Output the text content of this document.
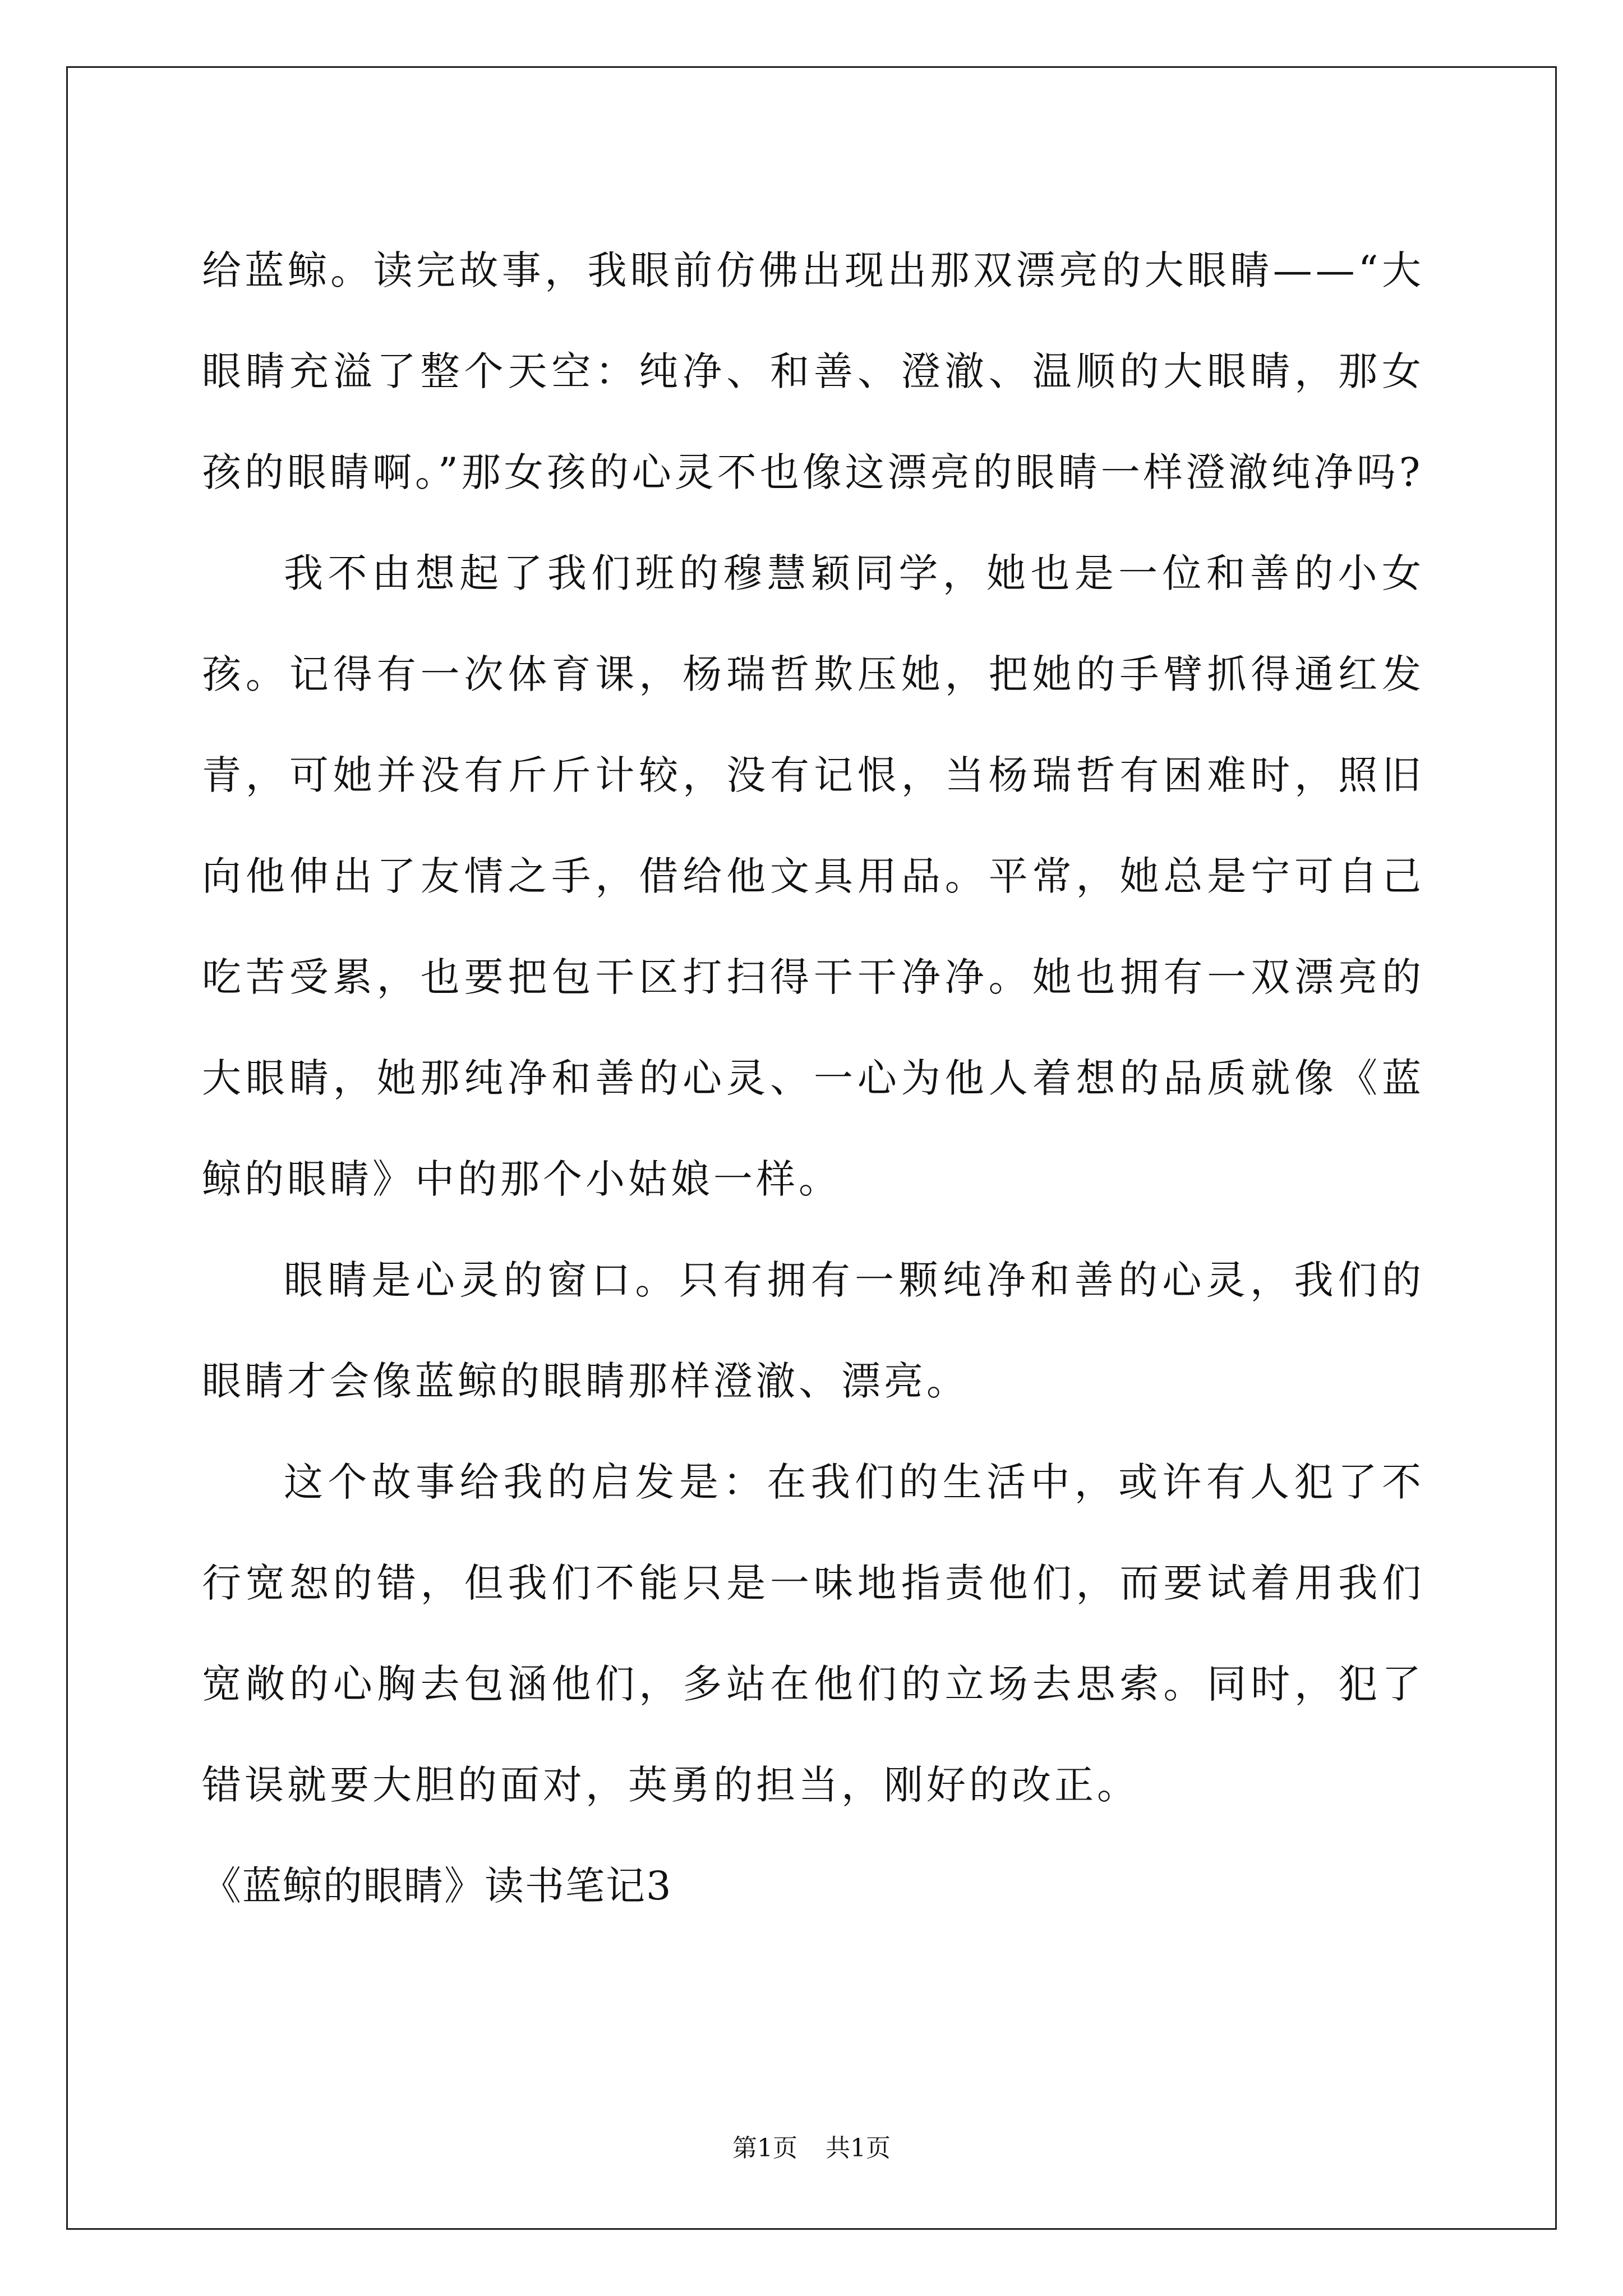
给蓝鲸。读完故事，我眼前仿佛出现出那双漂亮的大眼睛——“大眼睛充溢了整个天空：纯净、和善、澄澈、温顺的大眼睛，那女孩的眼睛啊。”那女孩的心灵不也像这漂亮的眼睛一样澄澈纯净吗?

我不由想起了我们班的穆慧颖同学，她也是一位和善的小女孩。记得有一次体育课，杨瑞哲欺压她，把她的手臂抓得通红发青，可她并没有斤斤计较，没有记恨，当杨瑞哲有困难时，照旧向他伸出了友情之手，借给他文具用品。平常，她总是宁可自己吃苦受累，也要把包干区打扫得干干净净。她也拥有一双漂亮的大眼睛，她那纯净和善的心灵、一心为他人着想的品质就像《蓝鲸的眼睛》中的那个小姑娘一样。

眼睛是心灵的窗口。只有拥有一颗纯净和善的心灵，我们的眼睛才会像蓝鲸的眼睛那样澄澈、漂亮。

这个故事给我的启发是：在我们的生活中，或许有人犯了不行宽恕的错，但我们不能只是一味地指责他们，而要试着用我们宽敞的心胸去包涵他们，多站在他们的立场去思索。同时，犯了错误就要大胆的面对，英勇的担当，刚好的改正。

《蓝鲸的眼睛》读书笔记3

第1页 共1页
